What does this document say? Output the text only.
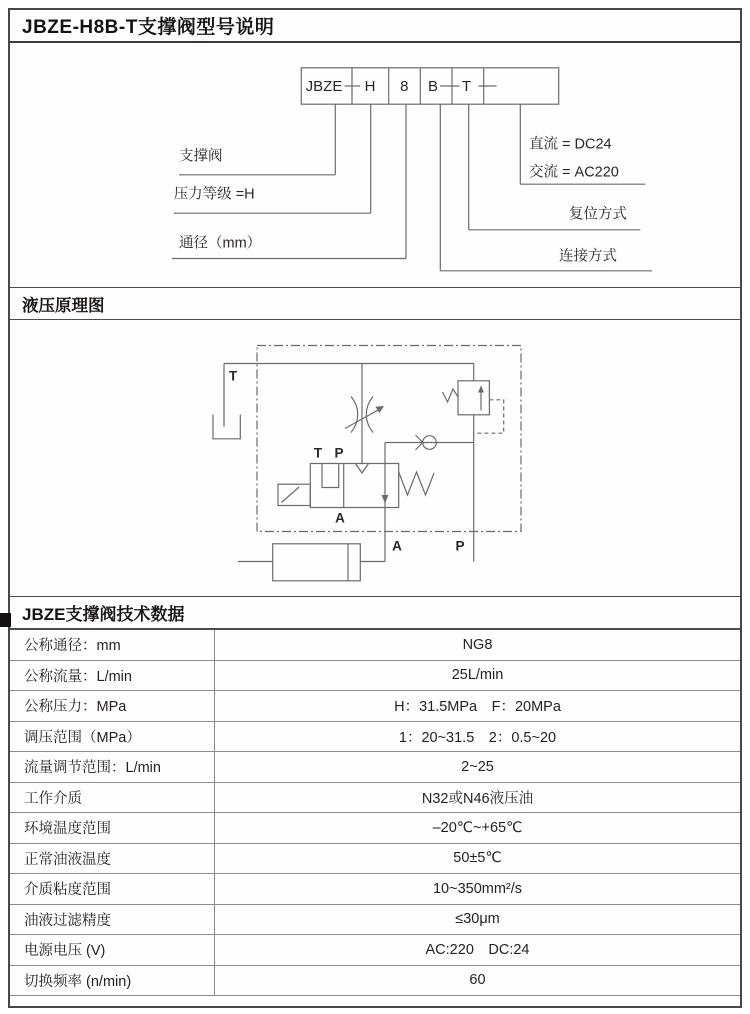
JBZE-H8B-T支撑阀型号说明
JBZE H 8 B T
支撑阀
压力等级 =H
通径（mm）
直流 = DC24
交流 = AC220
复位方式
连接方式
液压原理图
T
T P
A
A	P
JBZE支撑阀技术数据
公称通径：mm	NG8
公称流量：L/min	25L/min
公称压力：MPa	H：31.5MPa F：20MPa
调压范围（MPa）	1：20~31.5 2：0.5~20
流量调节范围：L/min	2~25
工作介质	N32或N46液压油
环境温度范围	–20℃~+65℃
正常油液温度	50±5℃
介质粘度范围	10~350mm²/s
油液过滤精度	≤30μm
电源电压 (V)	AC:220 DC:24
切换频率 (n/min)	60
